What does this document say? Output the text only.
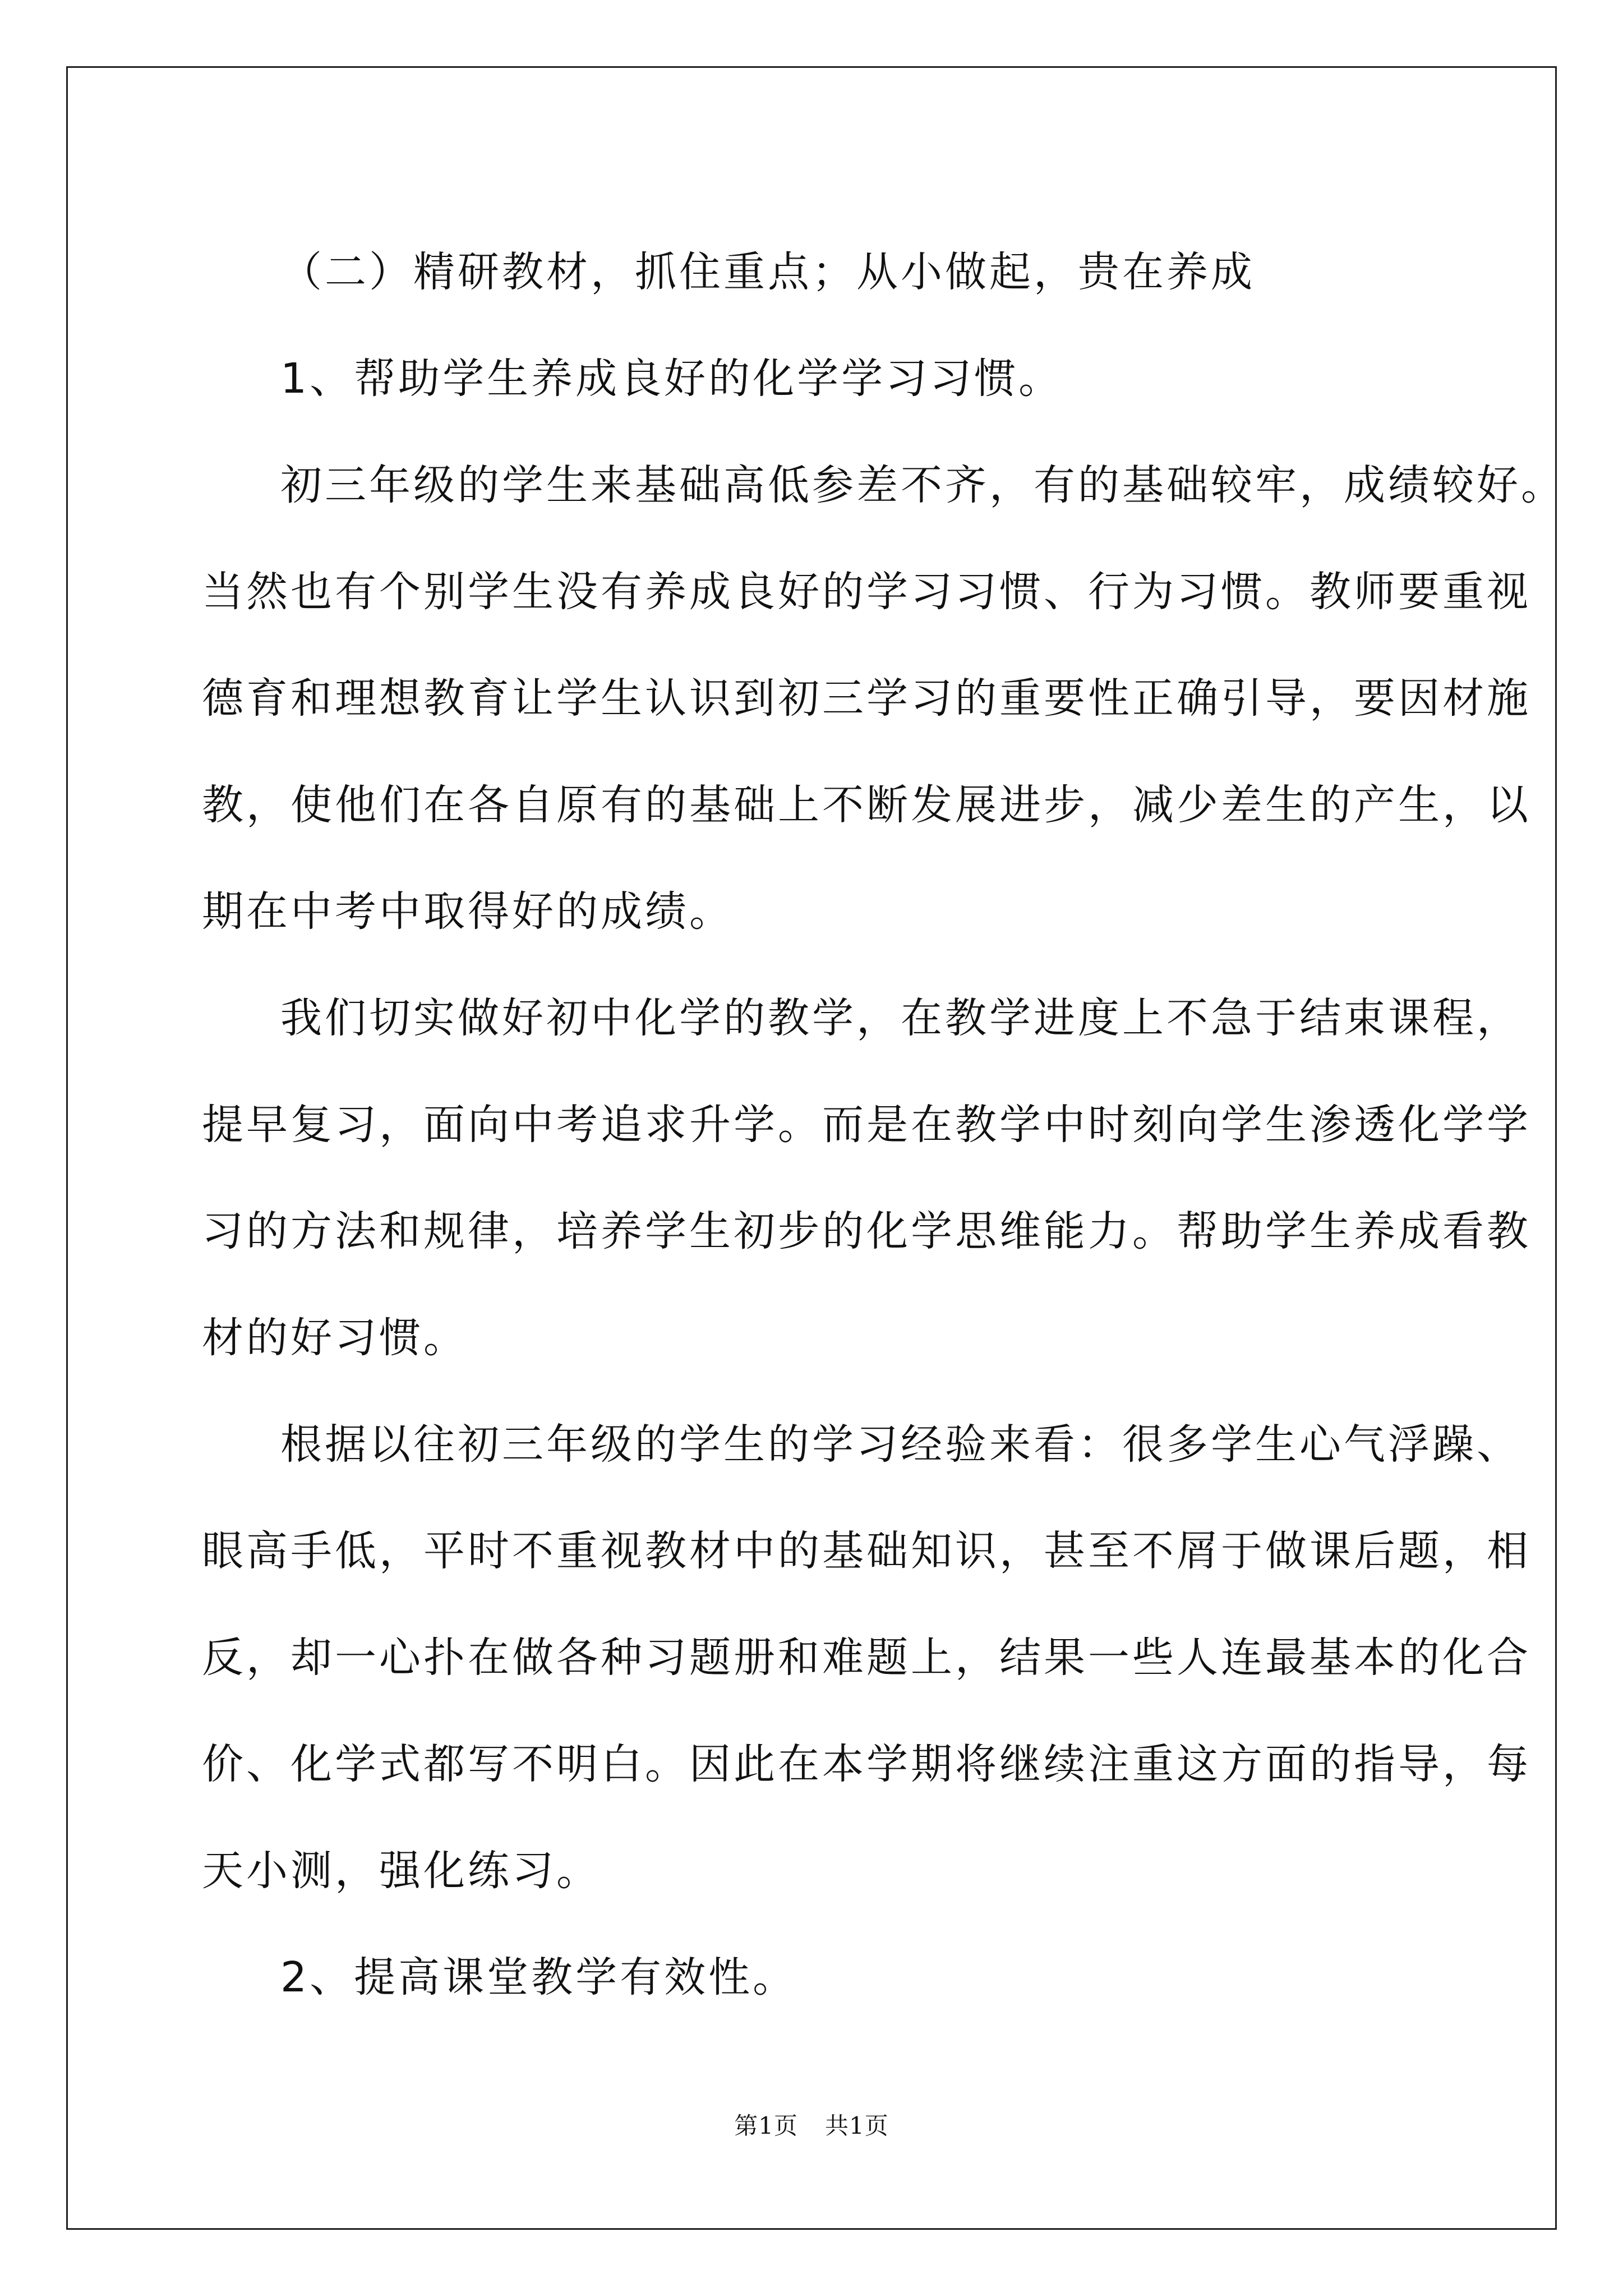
（二）精研教材，抓住重点；从小做起，贵在养成

1、帮助学生养成良好的化学学习习惯。

初三年级的学生来基础高低参差不齐，有的基础较牢，成绩较好。

当然也有个别学生没有养成良好的学习习惯、行为习惯。教师要重视

德育和理想教育让学生认识到初三学习的重要性正确引导，要因材施

教，使他们在各自原有的基础上不断发展进步，减少差生的产生，以

期在中考中取得好的成绩。

我们切实做好初中化学的教学，在教学进度上不急于结束课程，

提早复习，面向中考追求升学。而是在教学中时刻向学生渗透化学学

习的方法和规律，培养学生初步的化学思维能力。帮助学生养成看教

材的好习惯。

根据以往初三年级的学生的学习经验来看：很多学生心气浮躁、

眼高手低，平时不重视教材中的基础知识，甚至不屑于做课后题，相

反，却一心扑在做各种习题册和难题上，结果一些人连最基本的化合

价、化学式都写不明白。因此在本学期将继续注重这方面的指导，每

天小测，强化练习。

2、提高课堂教学有效性。

第1页 共1页
